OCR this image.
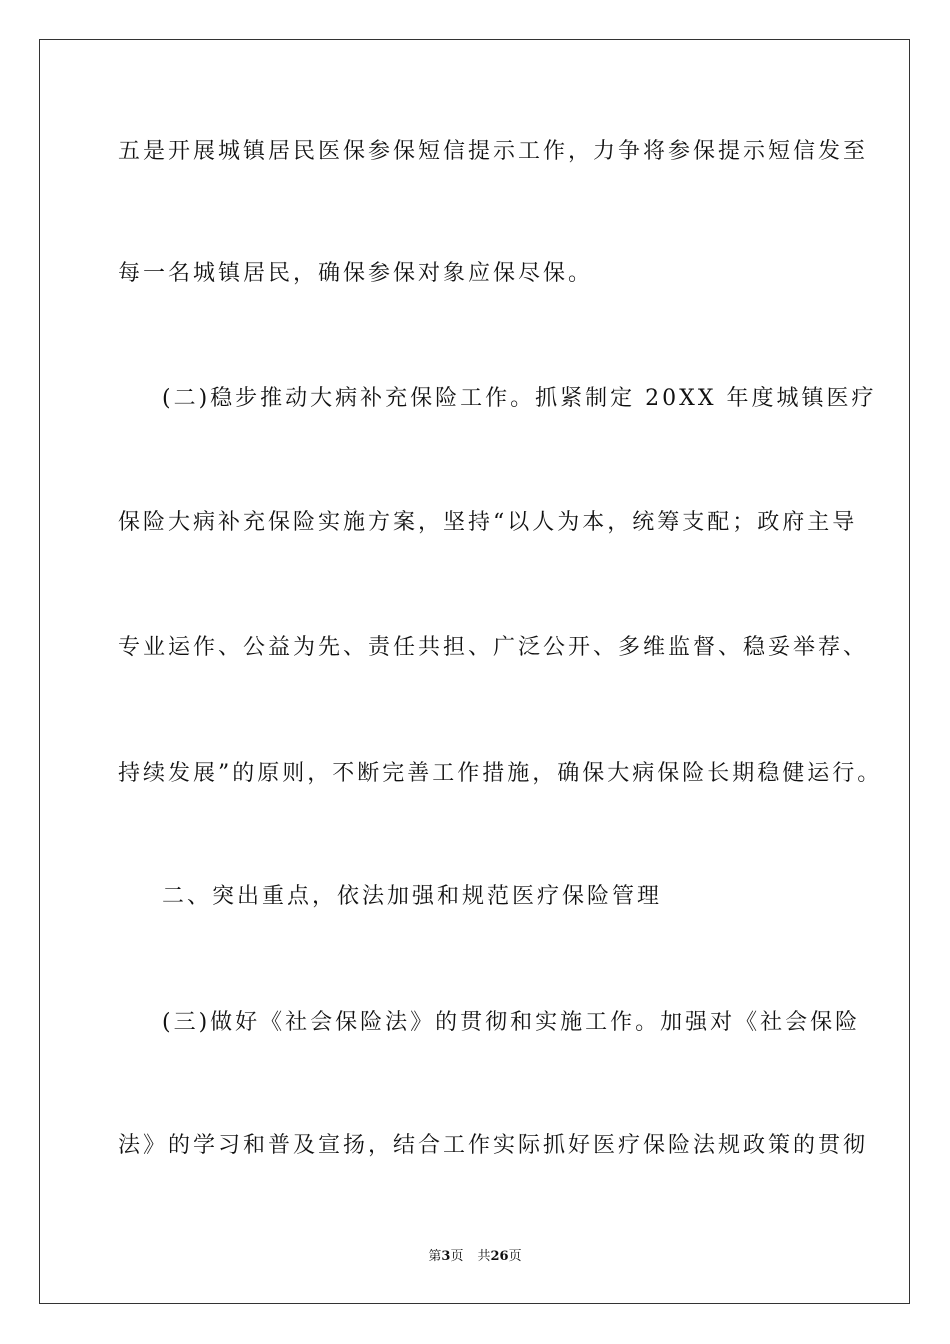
五是开展城镇居民医保参保短信提示工作，力争将参保提示短信发至
每一名城镇居民，确保参保对象应保尽保。
(二)稳步推动大病补充保险工作。抓紧制定 20XX 年度城镇医疗
保险大病补充保险实施方案，坚持“以人为本，统筹支配；政府主导
专业运作、公益为先、责任共担、广泛公开、多维监督、稳妥举荐、
持续发展”的原则，不断完善工作措施，确保大病保险长期稳健运行。
二、突出重点，依法加强和规范医疗保险管理
(三)做好《社会保险法》的贯彻和实施工作。加强对《社会保险
法》的学习和普及宣扬，结合工作实际抓好医疗保险法规政策的贯彻
第3页 共26页
